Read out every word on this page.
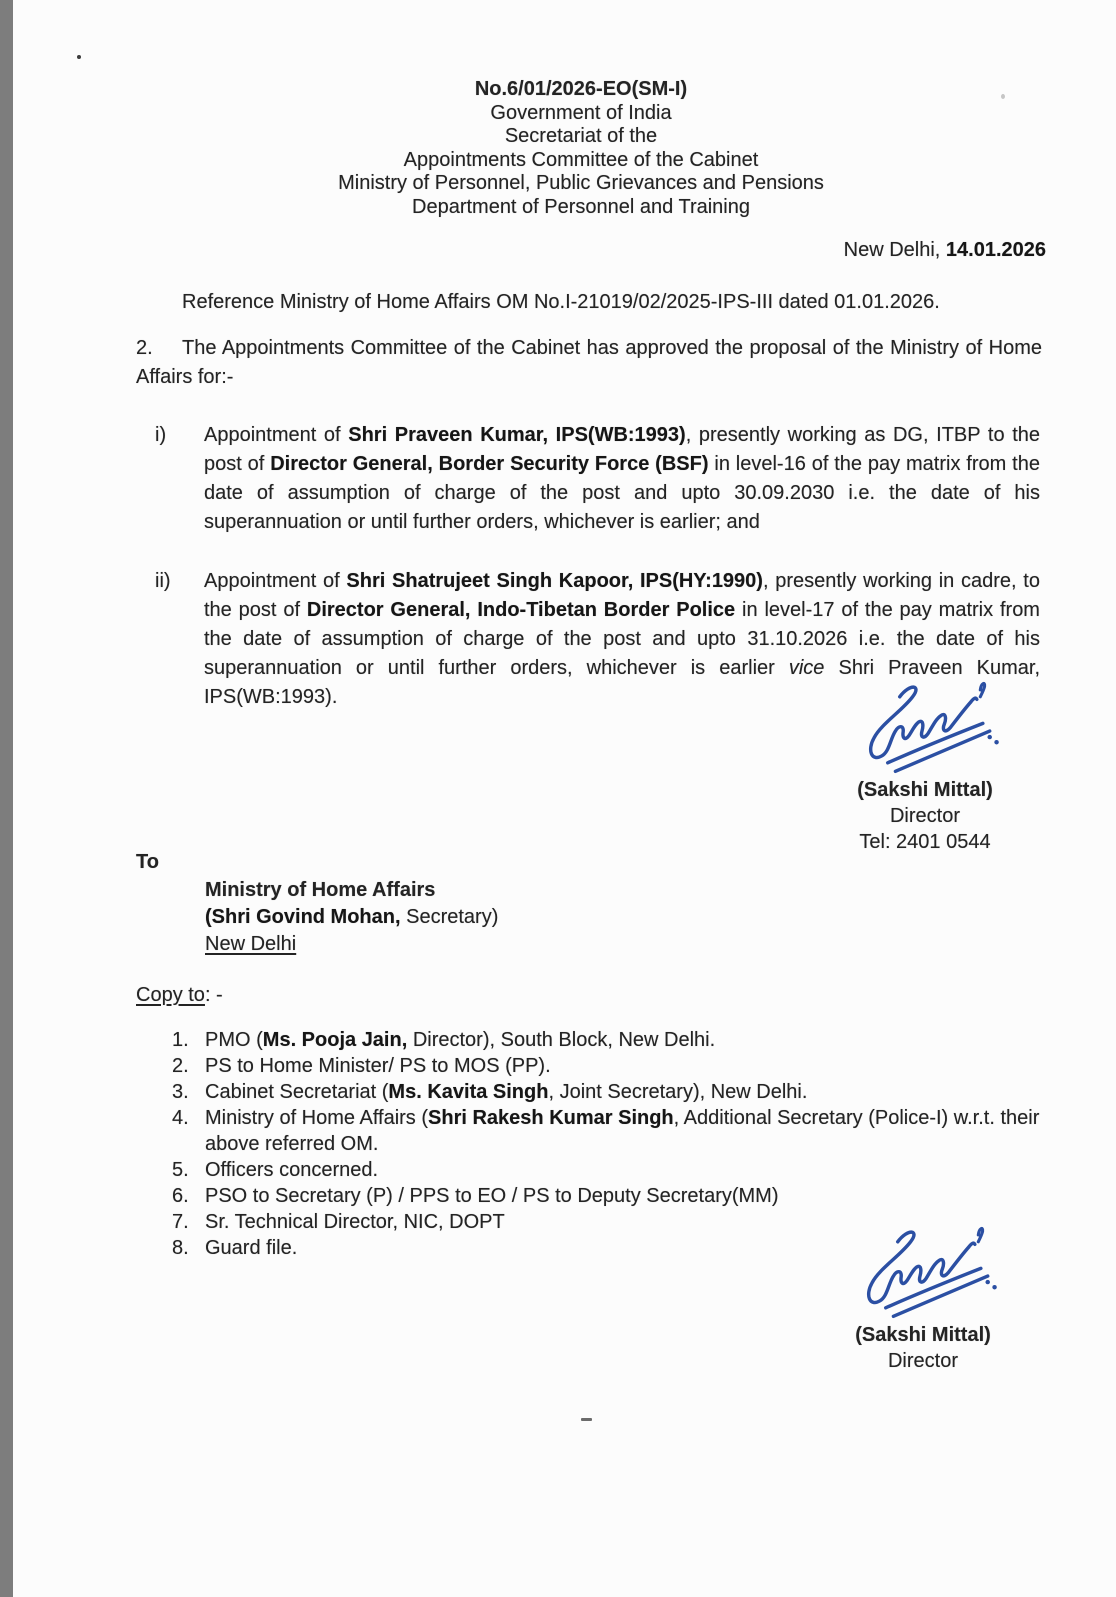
No.6/01/2026-EO(SM-I)
Government of India
Secretariat of the
Appointments Committee of the Cabinet
Ministry of Personnel, Public Grievances and Pensions
Department of Personnel and Training
New Delhi, 14.01.2026

Reference Ministry of Home Affairs OM No.I-21019/02/2025-IPS-III dated 01.01.2026.

2. The Appointments Committee of the Cabinet has approved the proposal of the Ministry of Home Affairs for:-

i)	Appointment of Shri Praveen Kumar, IPS(WB:1993), presently working as DG, ITBP to the post of Director General, Border Security Force (BSF) in level-16 of the pay matrix from the date of assumption of charge of the post and upto 30.09.2030 i.e. the date of his superannuation or until further orders, whichever is earlier; and

ii)	Appointment of Shri Shatrujeet Singh Kapoor, IPS(HY:1990), presently working in cadre, to the post of Director General, Indo-Tibetan Border Police in level-17 of the pay matrix from the date of assumption of charge of the post and upto 31.10.2026 i.e. the date of his superannuation or until further orders, whichever is earlier vice Shri Praveen Kumar, IPS(WB:1993).

(Sakshi Mittal)
Director
Tel: 2401 0544
To
Ministry of Home Affairs
(Shri Govind Mohan, Secretary)
New Delhi
Copy to: -
1. PMO (Ms. Pooja Jain, Director), South Block, New Delhi.

2. PS to Home Minister/ PS to MOS (PP).

3. Cabinet Secretariat (Ms. Kavita Singh, Joint Secretary), New Delhi.

4. Ministry of Home Affairs (Shri Rakesh Kumar Singh, Additional Secretary (Police-I) w.r.t. their above referred OM.

5. Officers concerned.

6. PSO to Secretary (P) / PPS to EO / PS to Deputy Secretary(MM)

7. Sr. Technical Director, NIC, DOPT

8. Guard file.

(Sakshi Mittal)
Director
